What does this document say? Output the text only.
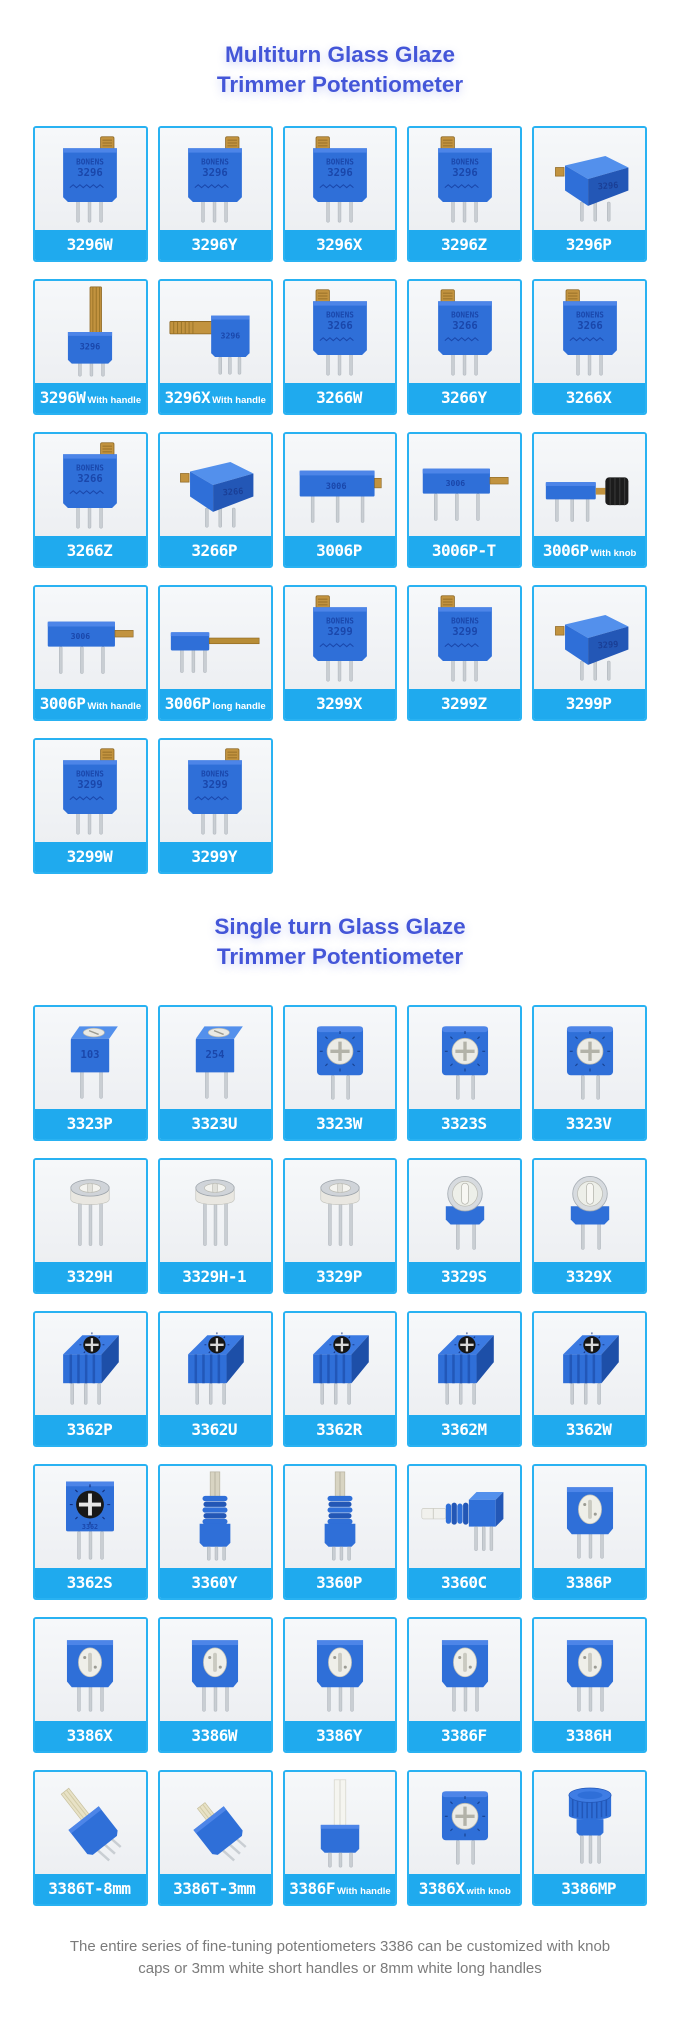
Multiturn Glass Glaze
Trimmer Potentiometer
BONENS
3296
3296W
BONENS
3296
3296Y
BONENS
3296
3296X
BONENS
3296
3296Z
3296
3296P
3296
3296W With handle
3296
3296X With handle
BONENS
3266
3266W
BONENS
3266
3266Y
BONENS
3266
3266X
BONENS
3266
3266Z
3266
3266P
3006
3006P
3006
3006P-T	3006P With knob
3006
3006P With handle	3006P long handle
BONENS
3299
3299X
BONENS
3299
3299Z
3299
3299P
BONENS
3299
3299W
BONENS
3299
3299Y
Single turn Glass Glaze
Trimmer Potentiometer
103
3323P
254
3323U	3323W	3323S	3323V
3329H	3329H-1	3329P	3329S	3329X
3362P	3362U	3362R	3362M	3362W
3362
3362S	3360Y	3360P	3360C	3386P
3386X	3386W	3386Y	3386F	3386H
3386T-8mm	3386T-3mm	3386F With handle	3386X with knob	3386MP

The entire series of fine-tuning potentiometers 3386 can be customized with knob caps or 3mm white short handles or 8mm white long handles
